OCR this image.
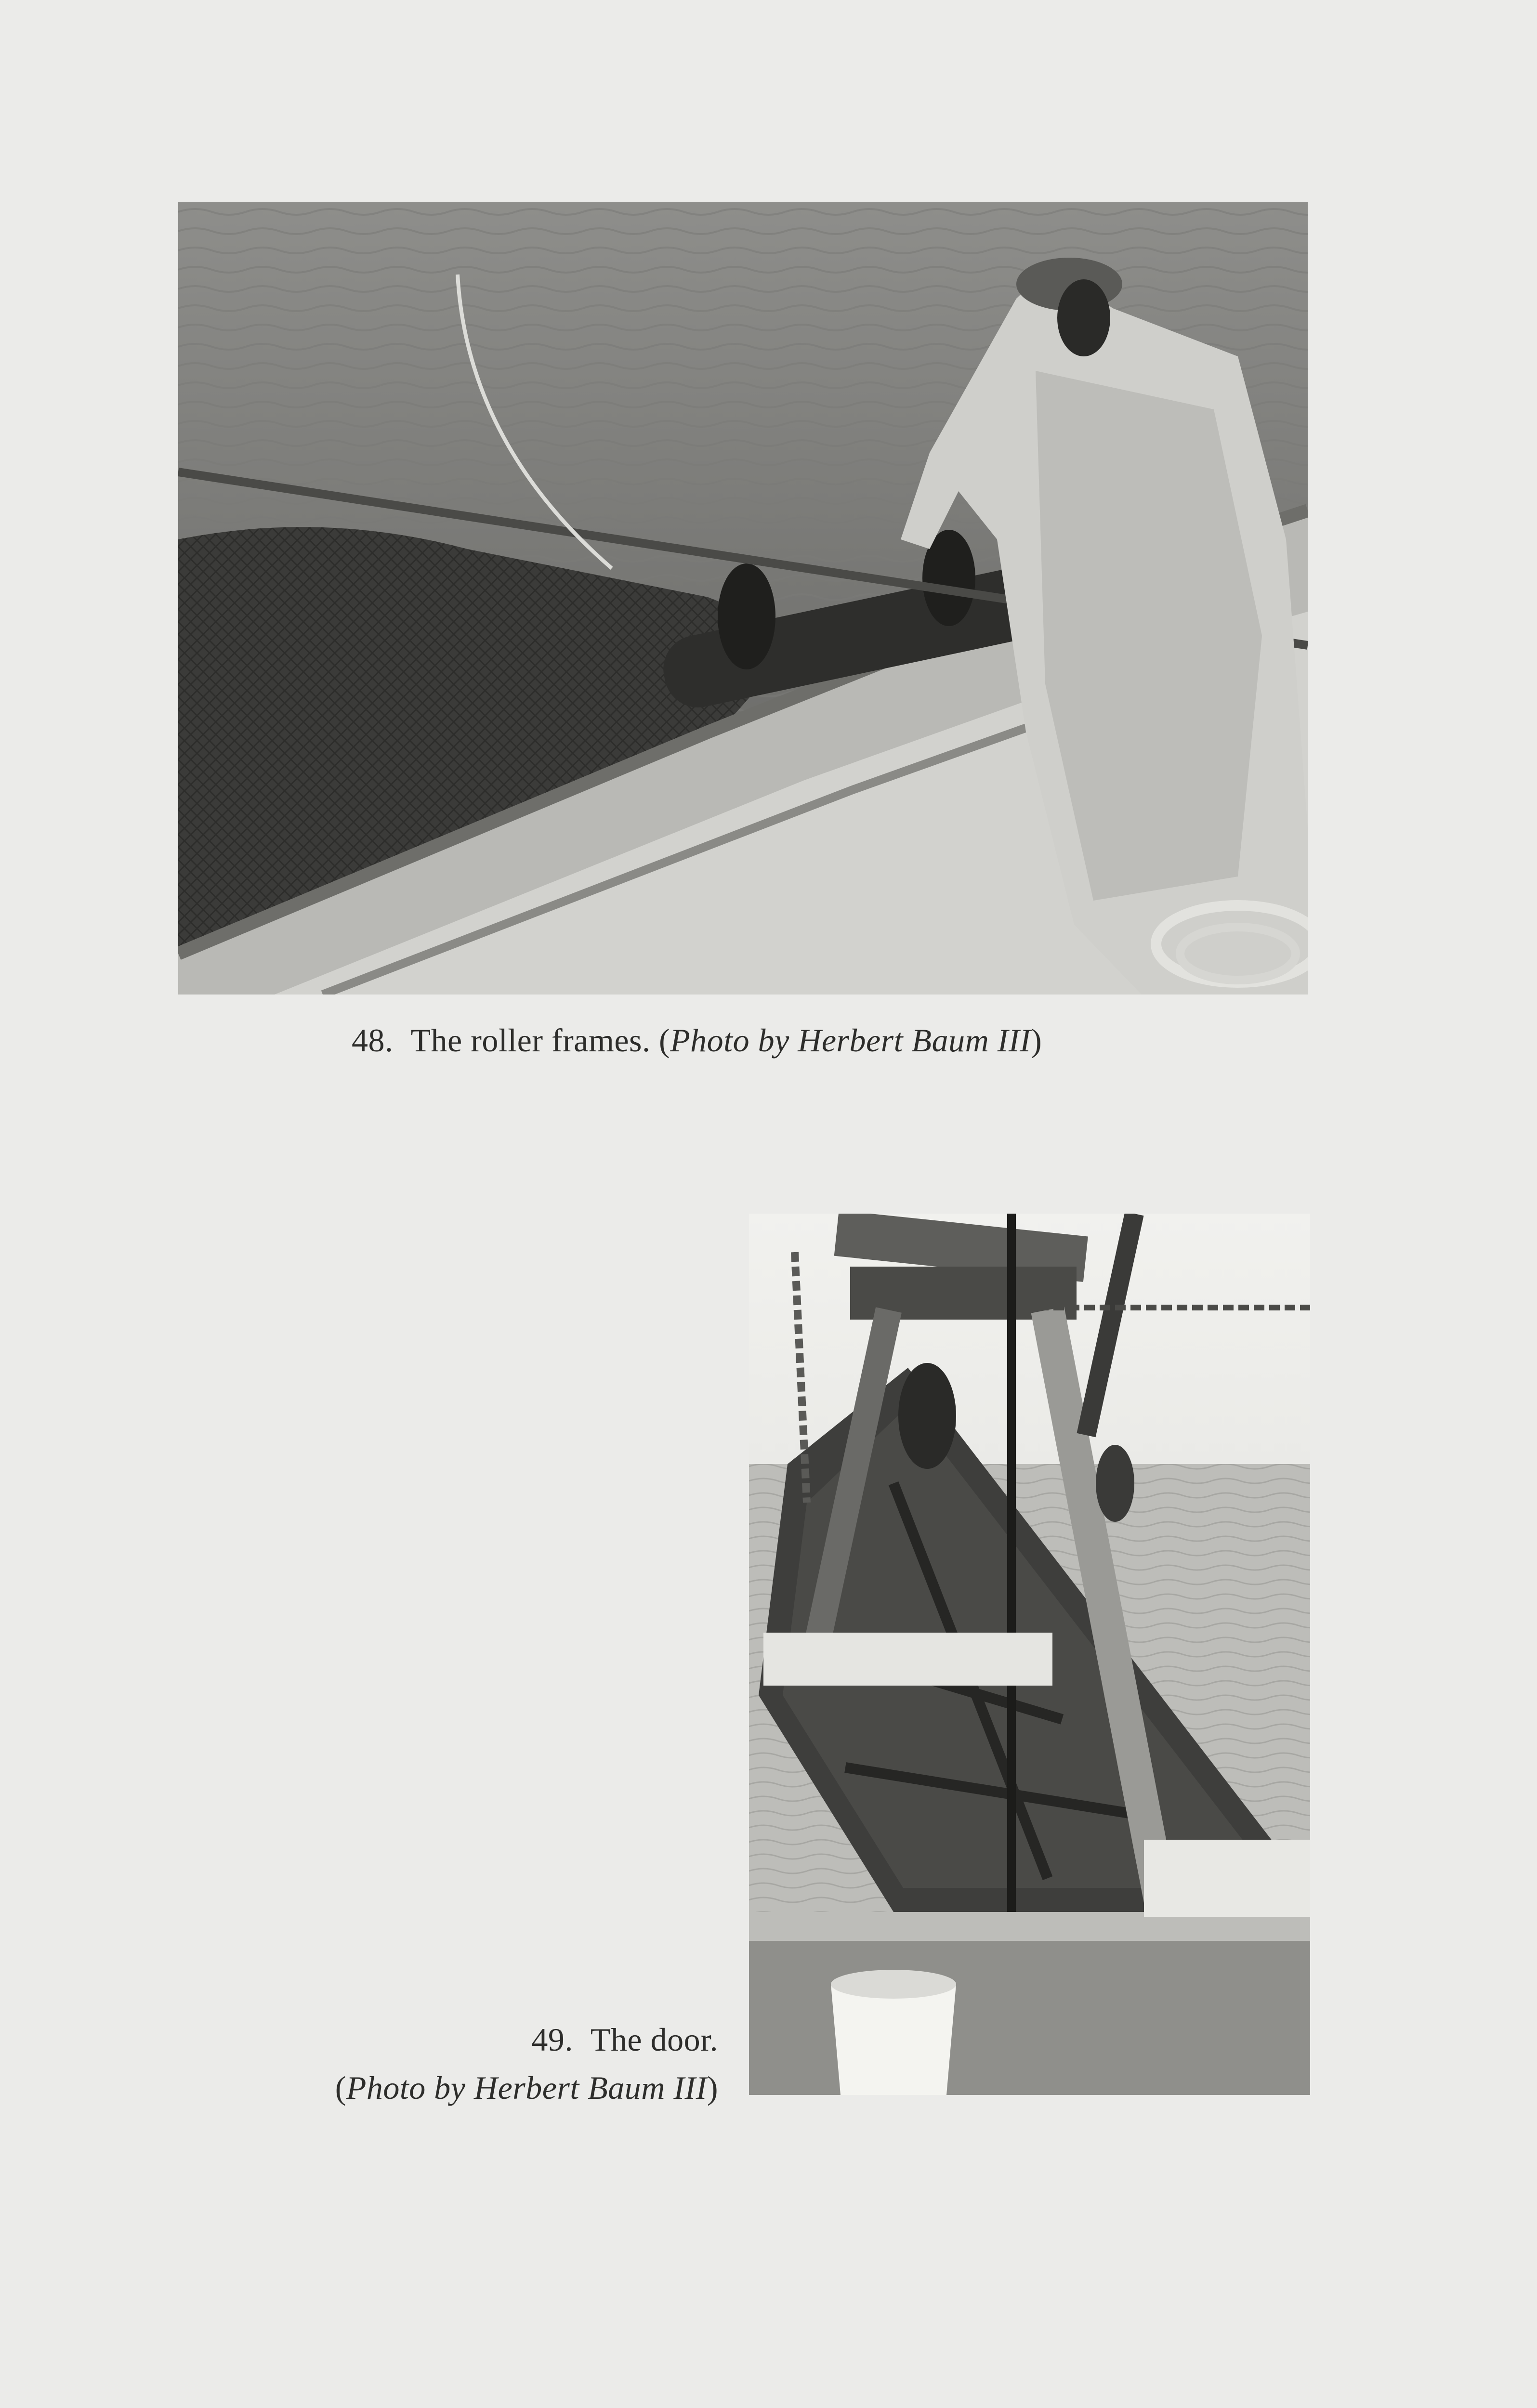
48. The roller frames. (Photo by Herbert Baum III)
49. The door.
(Photo by Herbert Baum III)
